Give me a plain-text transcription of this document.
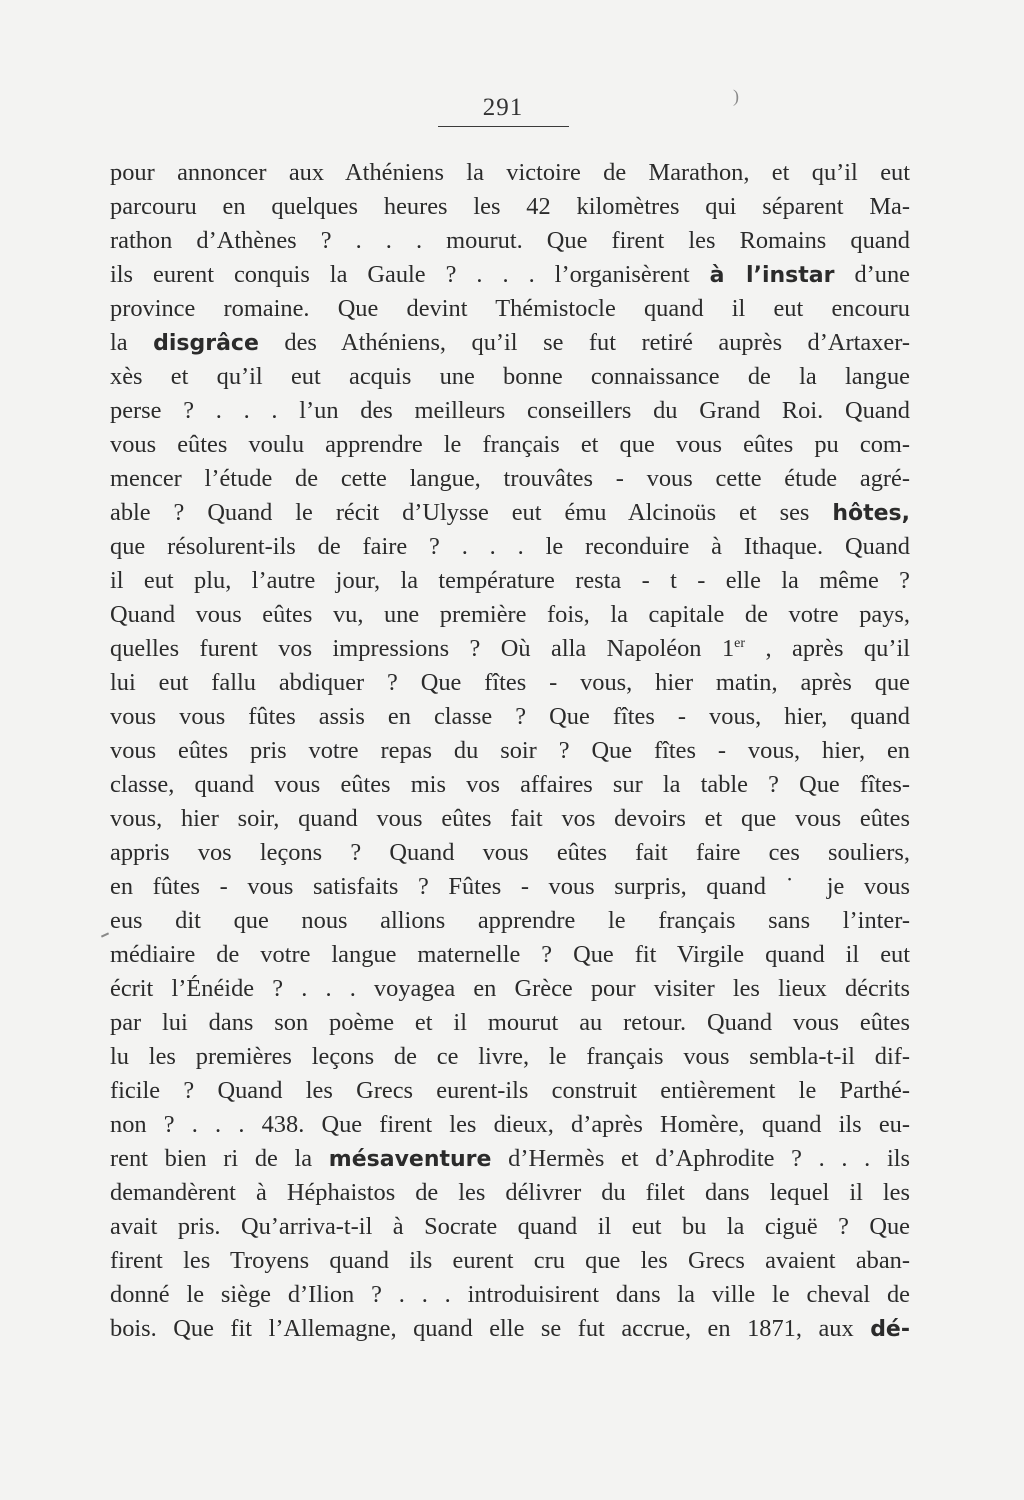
)
291
pour annoncer aux Athéniens la victoire de Marathon, et qu’il eut
parcouru en quelques heures les 42 kilomètres qui séparent Ma-
rathon d’Athènes ? . . . mourut. Que firent les Romains quand
ils eurent conquis la Gaule ? . . . l’organisèrent à l’instar d’une
province romaine. Que devint Thémistocle quand il eut encouru
la disgrâce des Athéniens, qu’il se fut retiré auprès d’Artaxer-
xès et qu’il eut acquis une bonne connaissance de la langue
perse ? . . . l’un des meilleurs conseillers du Grand Roi. Quand
vous eûtes voulu apprendre le français et que vous eûtes pu com-
mencer l’étude de cette langue, trouvâtes - vous cette étude agré-
able ? Quand le récit d’Ulysse eut ému Alcinoüs et ses hôtes,
que résolurent-ils de faire ? . . . le reconduire à Ithaque. Quand
il eut plu, l’autre jour, la température resta - t - elle la même ?
Quand vous eûtes vu, une première fois, la capitale de votre pays,
quelles furent vos impressions ? Où alla Napoléon 1er , après qu’il
lui eut fallu abdiquer ? Que fîtes - vous, hier matin, après que
vous vous fûtes assis en classe ? Que fîtes - vous, hier, quand
vous eûtes pris votre repas du soir ? Que fîtes - vous, hier, en
classe, quand vous eûtes mis vos affaires sur la table ? Que fîtes-
vous, hier soir, quand vous eûtes fait vos devoirs et que vous eûtes
appris vos leçons ? Quand vous eûtes fait faire ces souliers,
en fûtes - vous satisfaits ? Fûtes - vous surpris, quand ˙ je vous
eus dit que nous allions apprendre le français sans l’inter-
médiaire de votre langue maternelle ? Que fit Virgile quand il eut
écrit l’Énéide ? . . . voyagea en Grèce pour visiter les lieux décrits
par lui dans son poème et il mourut au retour. Quand vous eûtes
lu les premières leçons de ce livre, le français vous sembla-t-il dif-
ficile ? Quand les Grecs eurent-ils construit entièrement le Parthé-
non ? . . . 438. Que firent les dieux, d’après Homère, quand ils eu-
rent bien ri de la mésaventure d’Hermès et d’Aphrodite ? . . . ils
demandèrent à Héphaistos de les délivrer du filet dans lequel il les
avait pris. Qu’arriva-t-il à Socrate quand il eut bu la ciguë ? Que
firent les Troyens quand ils eurent cru que les Grecs avaient aban-
donné le siège d’Ilion ? . . . introduisirent dans la ville le cheval de
bois. Que fit l’Allemagne, quand elle se fut accrue, en 1871, aux dé-
